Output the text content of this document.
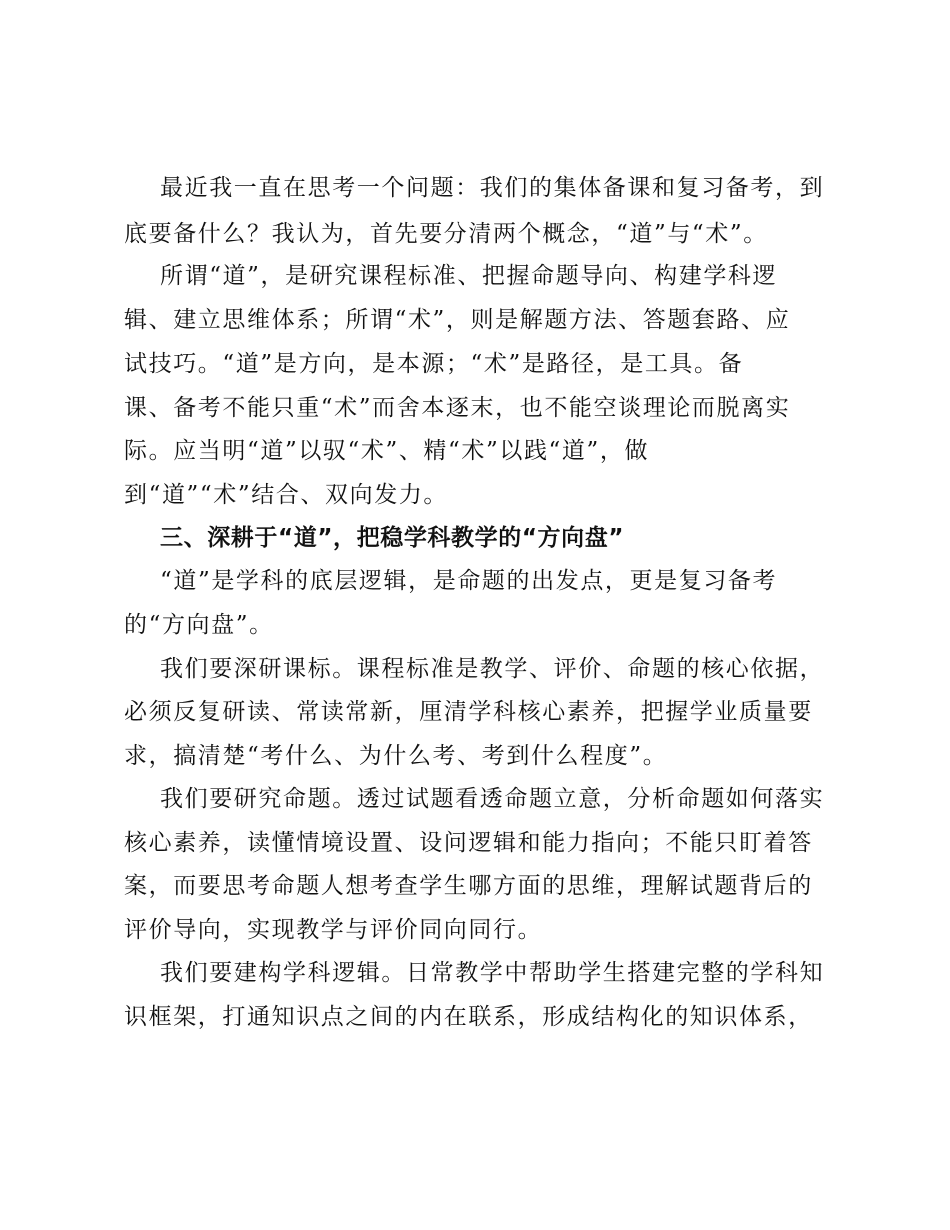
最近我一直在思考一个问题：我们的集体备课和复习备考，到
底要备什么？我认为，首先要分清两个概念，“道”与“术”。
所谓“道”，是研究课程标准、把握命题导向、构建学科逻
辑、建立思维体系；所谓“术”，则是解题方法、答题套路、应
试技巧。“道”是方向，是本源；“术”是路径，是工具。备
课、备考不能只重“术”而舍本逐末，也不能空谈理论而脱离实
际。应当明“道”以驭“术”、精“术”以践“道”，做
到“道”“术”结合、双向发力。
三、深耕于“道”，把稳学科教学的“方向盘”
“道”是学科的底层逻辑，是命题的出发点，更是复习备考
的“方向盘”。
我们要深研课标。课程标准是教学、评价、命题的核心依据，
必须反复研读、常读常新，厘清学科核心素养，把握学业质量要
求，搞清楚“考什么、为什么考、考到什么程度”。
我们要研究命题。透过试题看透命题立意，分析命题如何落实
核心素养，读懂情境设置、设问逻辑和能力指向；不能只盯着答
案，而要思考命题人想考查学生哪方面的思维，理解试题背后的
评价导向，实现教学与评价同向同行。
我们要建构学科逻辑。日常教学中帮助学生搭建完整的学科知
识框架，打通知识点之间的内在联系，形成结构化的知识体系，
